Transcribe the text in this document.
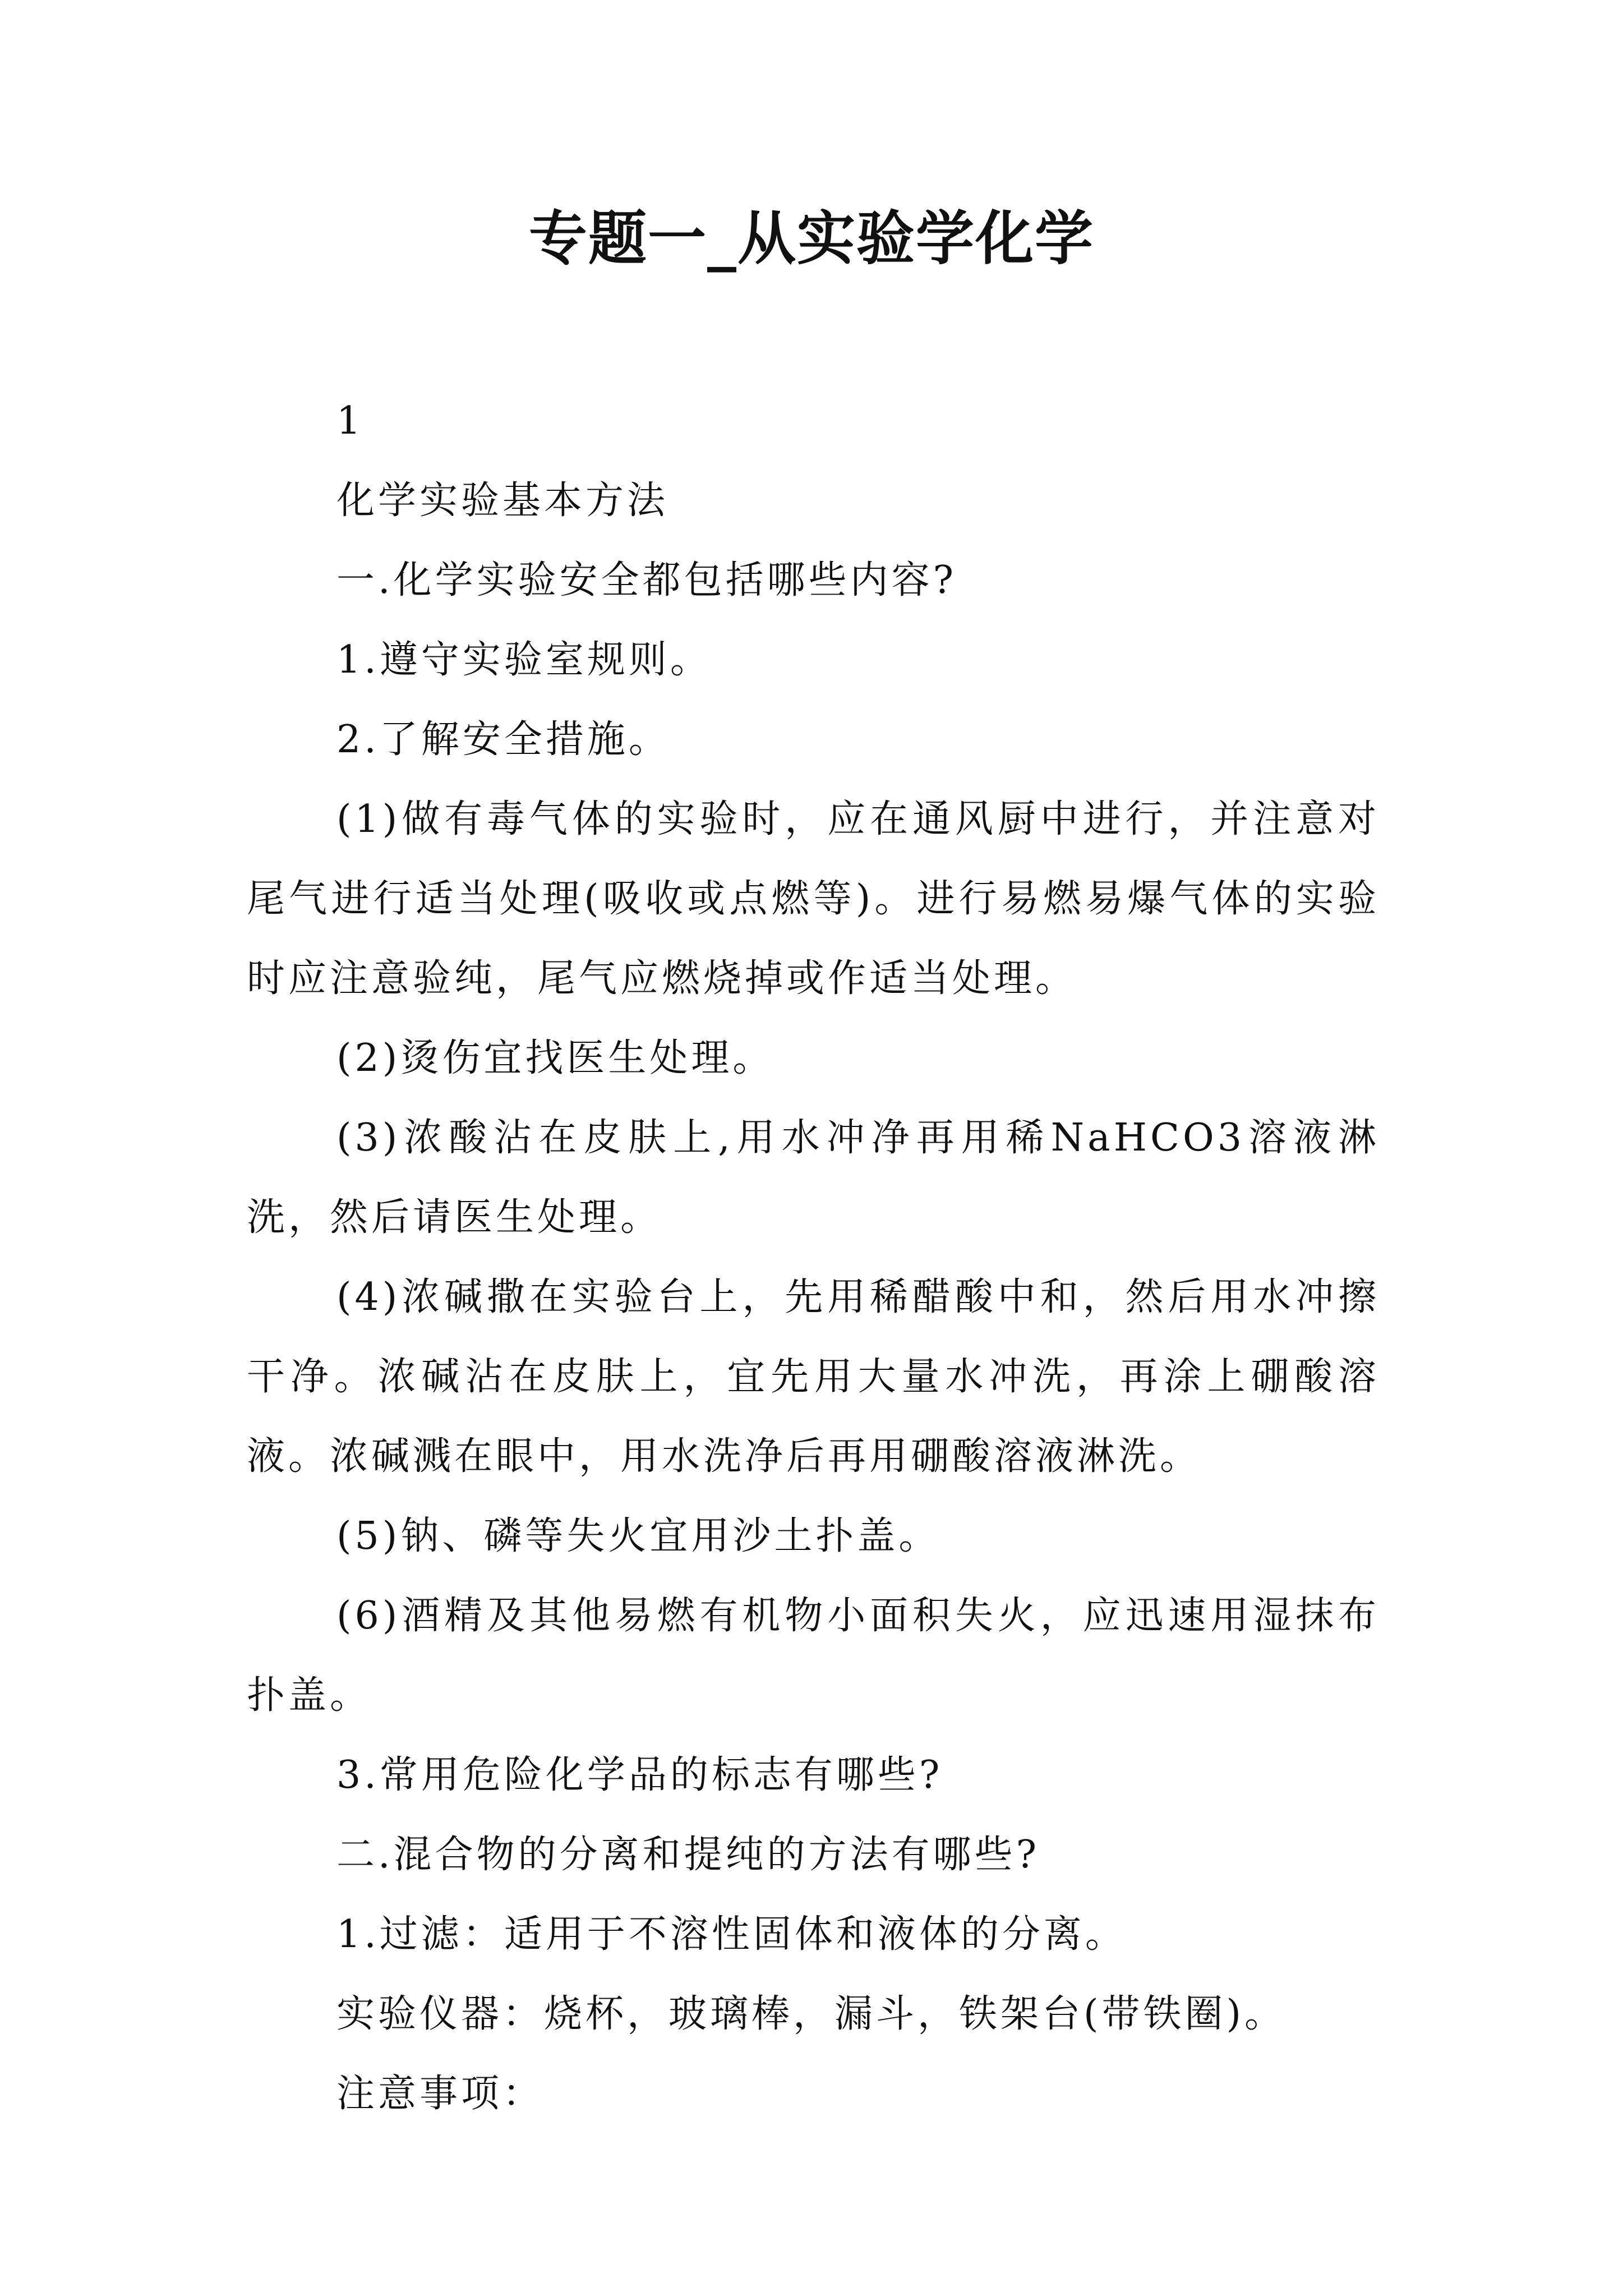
专题一_从实验学化学

1

化学实验基本方法

一.化学实验安全都包括哪些内容?

1.遵守实验室规则。

2.了解安全措施。

(1)做有毒气体的实验时，应在通风厨中进行，并注意对尾气进行适当处理(吸收或点燃等)。进行易燃易爆气体的实验时应注意验纯，尾气应燃烧掉或作适当处理。

(2)烫伤宜找医生处理。

(3)浓酸沾在皮肤上,用水冲净再用稀NaHCO3溶液淋洗，然后请医生处理。

(4)浓碱撒在实验台上，先用稀醋酸中和，然后用水冲擦干净。浓碱沾在皮肤上，宜先用大量水冲洗，再涂上硼酸溶液。浓碱溅在眼中，用水洗净后再用硼酸溶液淋洗。

(5)钠、磷等失火宜用沙土扑盖。

(6)酒精及其他易燃有机物小面积失火，应迅速用湿抹布扑盖。

3.常用危险化学品的标志有哪些?

二.混合物的分离和提纯的方法有哪些?

1.过滤：适用于不溶性固体和液体的分离。

实验仪器：烧杯，玻璃棒，漏斗，铁架台(带铁圈)。

注意事项：
